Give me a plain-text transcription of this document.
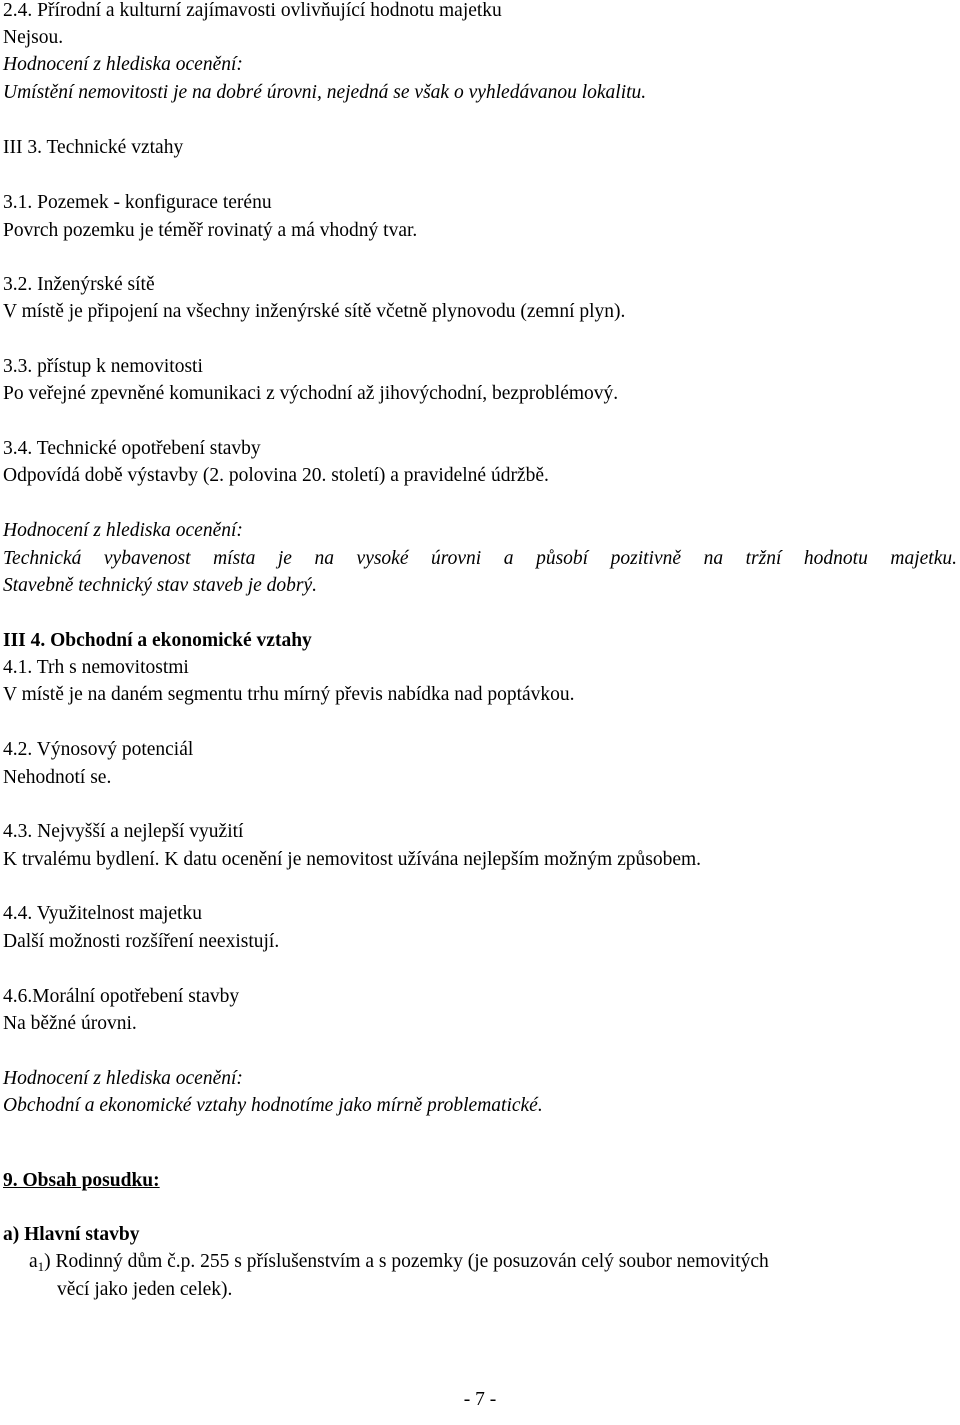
2.4. Přírodní a kulturní zajímavosti ovlivňující hodnotu majetku
Nejsou.
Hodnocení z hlediska ocenění:
Umístění nemovitosti je na dobré úrovni, nejedná se však o vyhledávanou lokalitu.
III 3. Technické vztahy
3.1. Pozemek - konfigurace terénu
Povrch pozemku je téměř rovinatý a má vhodný tvar.
3.2. Inženýrské sítě
V místě je připojení na všechny inženýrské sítě včetně plynovodu (zemní plyn).
3.3. přístup k nemovitosti
Po veřejné zpevněné komunikaci z východní až jihovýchodní, bezproblémový.
3.4. Technické opotřebení stavby
Odpovídá době výstavby (2. polovina 20. století) a pravidelné údržbě.
Hodnocení z hlediska ocenění:
Technická vybavenost místa je na vysoké úrovni a působí pozitivně na tržní hodnotu majetku.
Stavebně technický stav staveb je dobrý.
III 4. Obchodní a ekonomické vztahy
4.1. Trh s nemovitostmi
V místě je na daném segmentu trhu mírný převis nabídka nad poptávkou.
4.2. Výnosový potenciál
Nehodnotí se.
4.3. Nejvyšší a nejlepší využití
K trvalému bydlení. K datu ocenění je nemovitost užívána nejlepším možným způsobem.
4.4. Využitelnost majetku
Další možnosti rozšíření neexistují.
4.6.Morální opotřebení stavby
Na běžné úrovni.
Hodnocení z hlediska ocenění:
Obchodní a ekonomické vztahy hodnotíme jako mírně problematické.
9. Obsah posudku:
a) Hlavní stavby
$a_1$) Rodinný dům č.p. 255 s příslušenstvím a s pozemky (je posuzován celý soubor nemovitých
věcí jako jeden celek).
- 7 -
